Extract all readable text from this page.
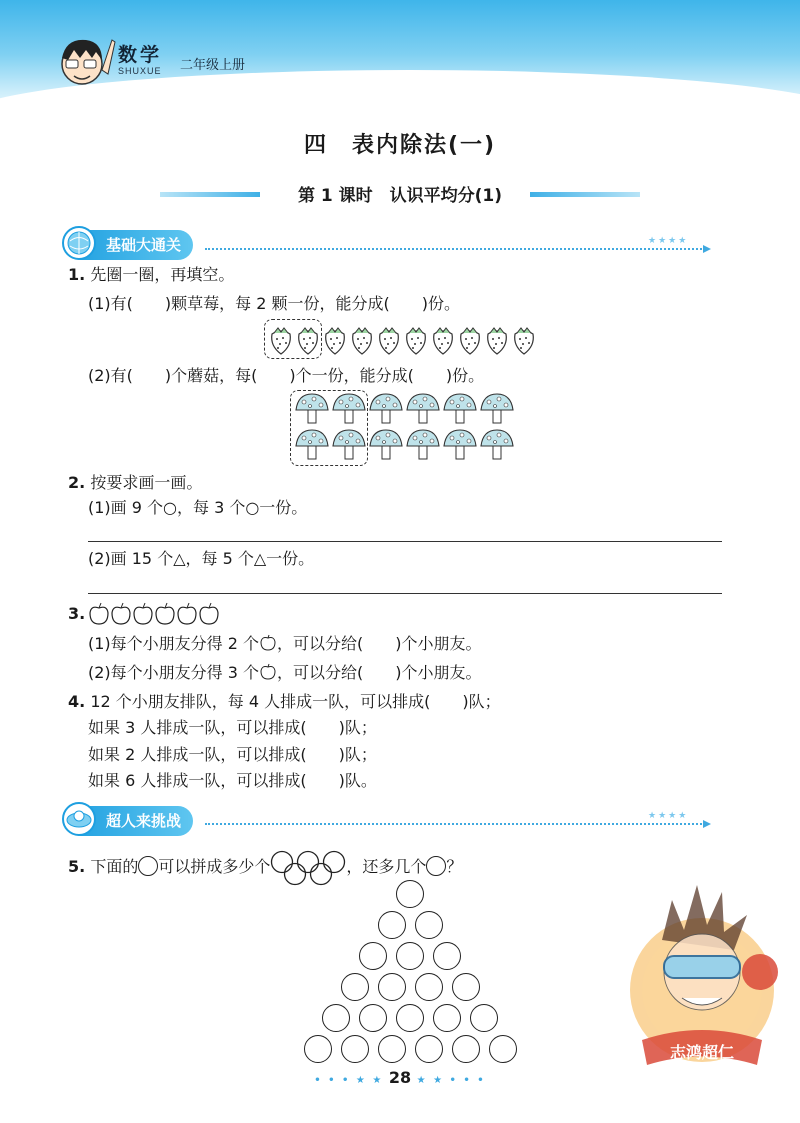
数学
SHUXUE 二年级上册
四　表内除法(一)
第 1 课时　认识平均分(1)
基础大通关	★★★★
1. 先圈一圈，再填空。
(1)有(　　)颗草莓，每 2 颗一份，能分成(　　)份。
(2)有(　　)个蘑菇，每(　　)个一份，能分成(　　)份。
2. 按要求画一画。
(1)画 9 个○，每 3 个○一份。
(2)画 15 个△，每 5 个△一份。
3.
(1)每个小朋友分得 2 个 ，可以分给(　　)个小朋友。
(2)每个小朋友分得 3 个 ，可以分给(　　)个小朋友。
4. 12 个小朋友排队，每 4 人排成一队，可以排成(　　)队；
如果 3 人排成一队，可以排成(　　)队；
如果 2 人排成一队，可以排成(　　)队；
如果 6 人排成一队，可以排成(　　)队。
超人来挑战	★★★★
5. 下面的 可以拼成多少个	，还多几个 ？
志鸿超仁
• • • ★ ★ 28 ★ ★ • • •
